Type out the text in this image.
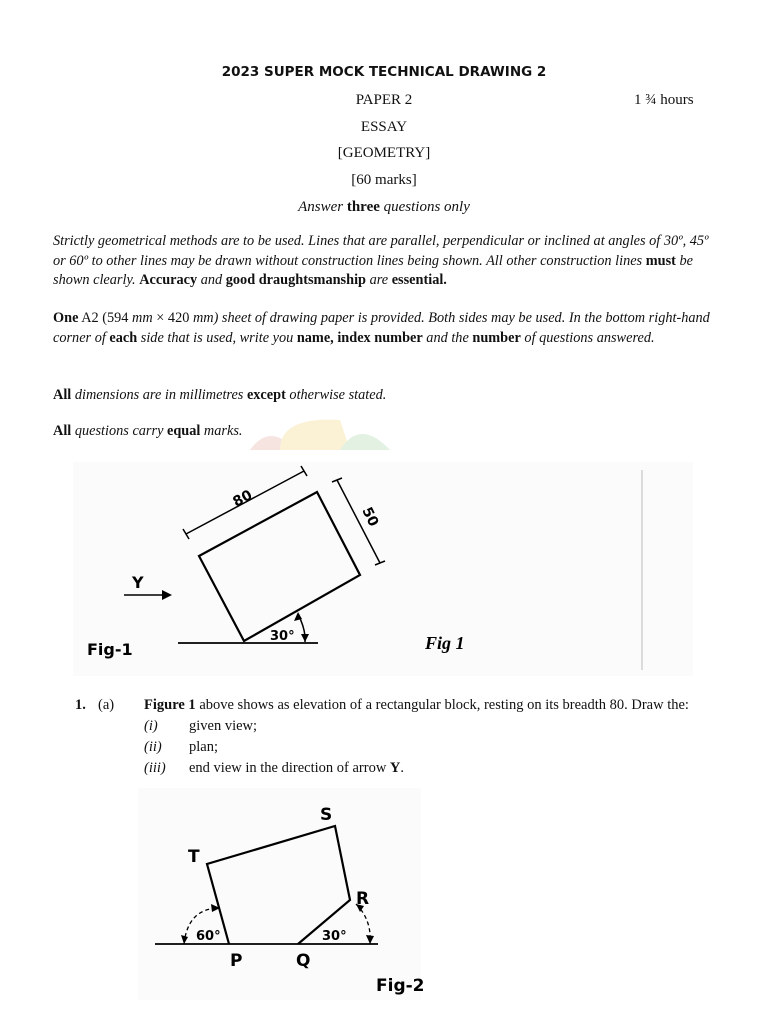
2023 SUPER MOCK TECHNICAL DRAWING 2
PAPER 2	1 ¾ hours
ESSAY
[GEOMETRY]
[60 marks]
Answer three questions only
Strictly geometrical methods are to be used. Lines that are parallel, perpendicular or inclined at angles of 30º, 45º or 60º to other lines may be drawn without construction lines being shown. All other construction lines must be shown clearly. Accuracy and good draughtsmanship are essential.
One A2 (594 mm × 420 mm) sheet of drawing paper is provided. Both sides may be used. In the bottom right-hand corner of each side that is used, write you name, index number and the number of questions answered.
All dimensions are in millimetres except otherwise stated.
All questions carry equal marks.
80
50
Y
30°
Fig-1	Fig 1
1. (a) Figure 1 above shows as elevation of a rectangular block, resting on its breadth 80. Draw the:
(i) given view;
(ii) plan;
(iii) end view in the direction of arrow Y.
S
T
R
P	Q
60°	30°
Fig-2
